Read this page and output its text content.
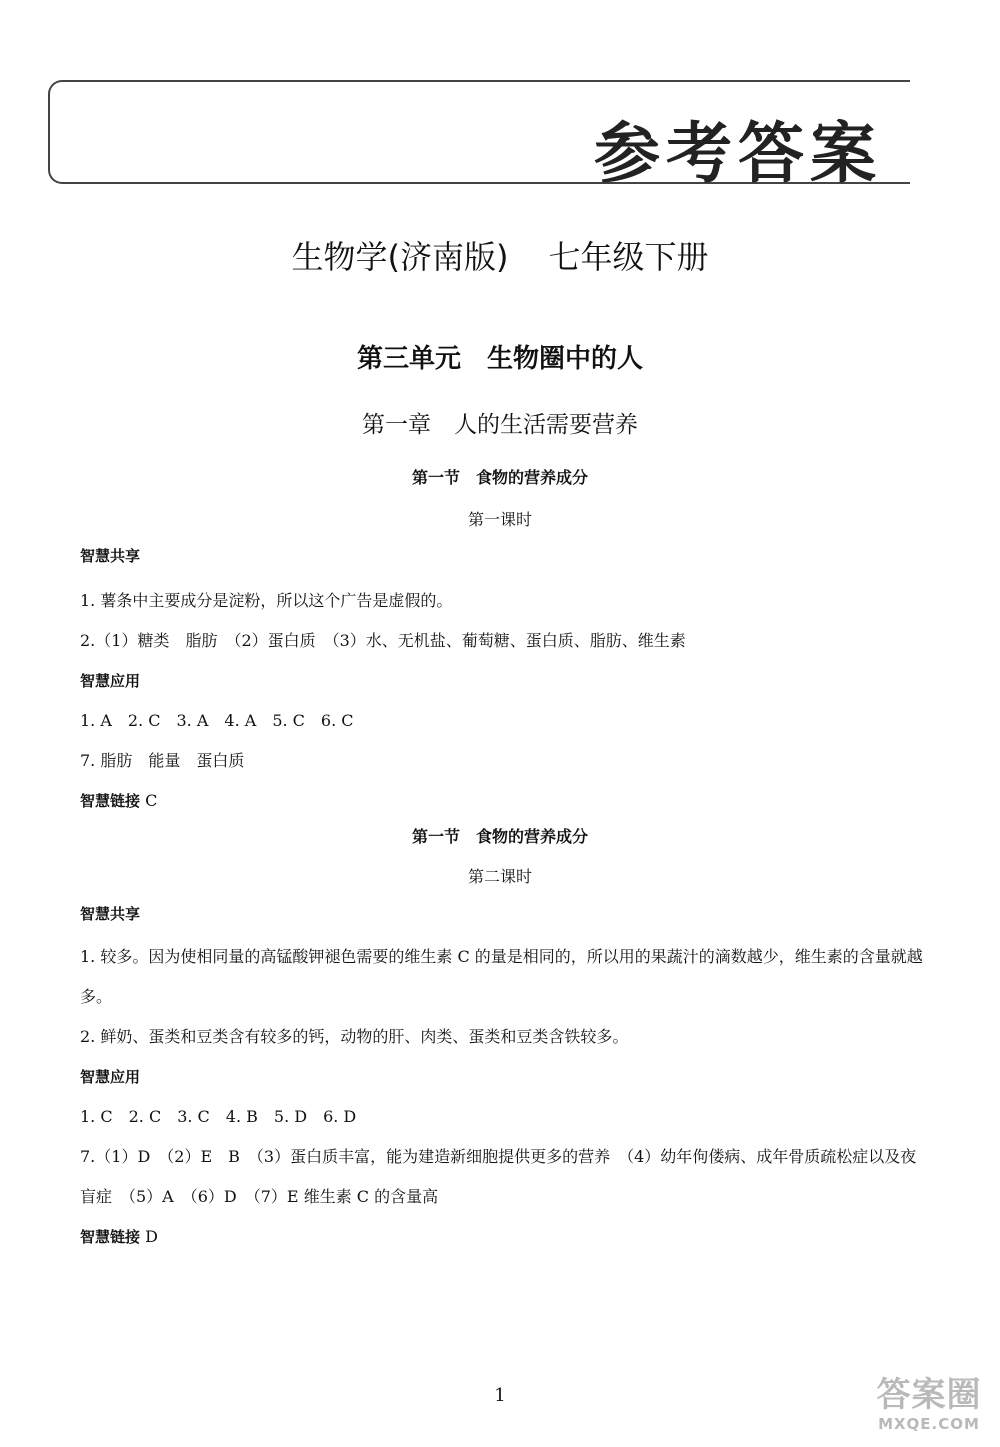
参考答案
生物学(济南版) 七年级下册
第三单元　生物圈中的人
第一章　人的生活需要营养
第一节　食物的营养成分
第一课时

智慧共享

1. 薯条中主要成分是淀粉，所以这个广告是虚假的。

2.（1）糖类　脂肪　（2）蛋白质　（3）水、无机盐、葡萄糖、蛋白质、脂肪、维生素

智慧应用

1. A　2. C　3. A　4. A　5. C　6. C

7. 脂肪　能量　蛋白质

智慧链接 C

第一节　食物的营养成分
第二课时

智慧共享

1. 较多。因为使相同量的高锰酸钾褪色需要的维生素 C 的量是相同的，所以用的果蔬汁的滴数越少，维生素的含量就越多。

2. 鲜奶、蛋类和豆类含有较多的钙，动物的肝、肉类、蛋类和豆类含铁较多。

智慧应用

1. C　2. C　3. C　4. B　5. D　6. D

7.（1）D　（2）E　B　（3）蛋白质丰富，能为建造新细胞提供更多的营养　（4）幼年佝偻病、成年骨质疏松症以及夜盲症　（5）A　（6）D　（7）E 维生素 C 的含量高

智慧链接 D

1	答案圈
MXQE.COM
